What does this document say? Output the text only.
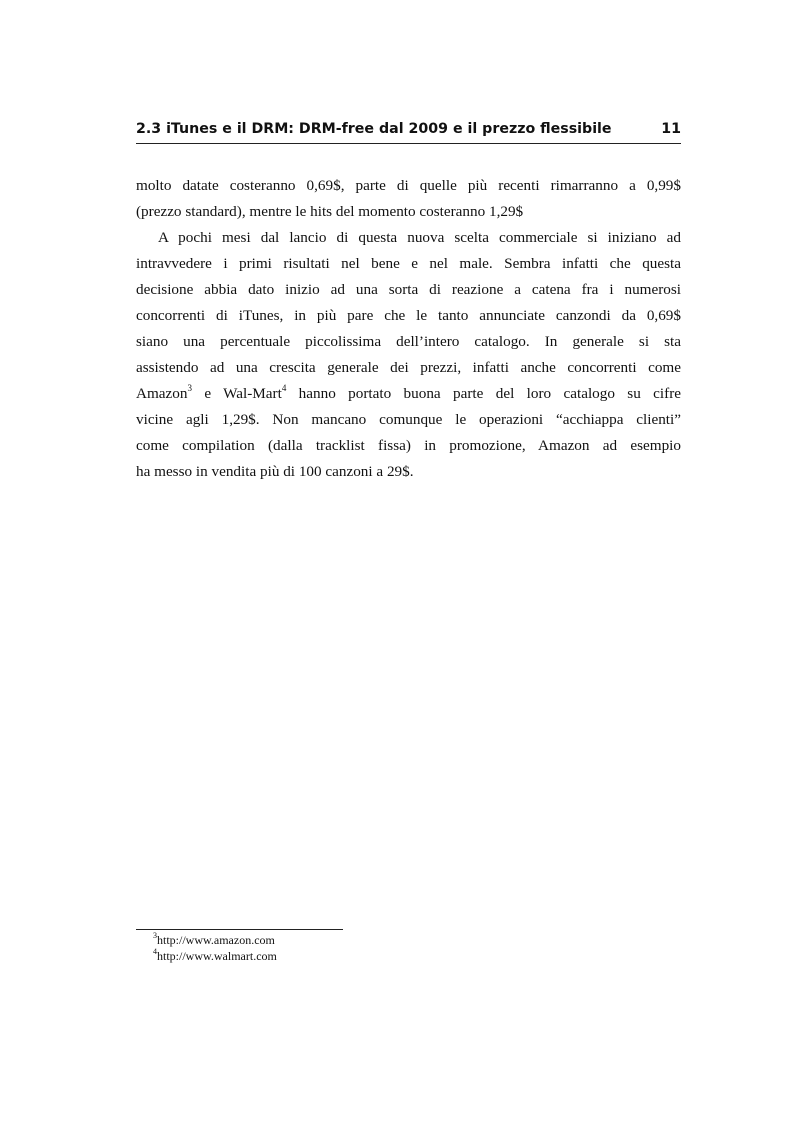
2.3 iTunes e il DRM: DRM-free dal 2009 e il prezzo flessibile	11
molto datate costeranno 0,69$, parte di quelle più recenti rimarranno a 0,99$
(prezzo standard), mentre le hits del momento costeranno 1,29$
A pochi mesi dal lancio di questa nuova scelta commerciale si iniziano ad
intravvedere i primi risultati nel bene e nel male. Sembra infatti che questa
decisione abbia dato inizio ad una sorta di reazione a catena fra i numerosi
concorrenti di iTunes, in più pare che le tanto annunciate canzondi da 0,69$
siano una percentuale piccolissima dell’intero catalogo. In generale si sta
assistendo ad una crescita generale dei prezzi, infatti anche concorrenti come
Amazon$^3$ e Wal-Mart$^4$ hanno portato buona parte del loro catalogo su cifre
vicine agli 1,29$. Non mancano comunque le operazioni “acchiappa clienti”
come compilation (dalla tracklist fissa) in promozione, Amazon ad esempio
ha messo in vendita più di 100 canzoni a 29$.
$^3$http://www.amazon.com
$^4$http://www.walmart.com
